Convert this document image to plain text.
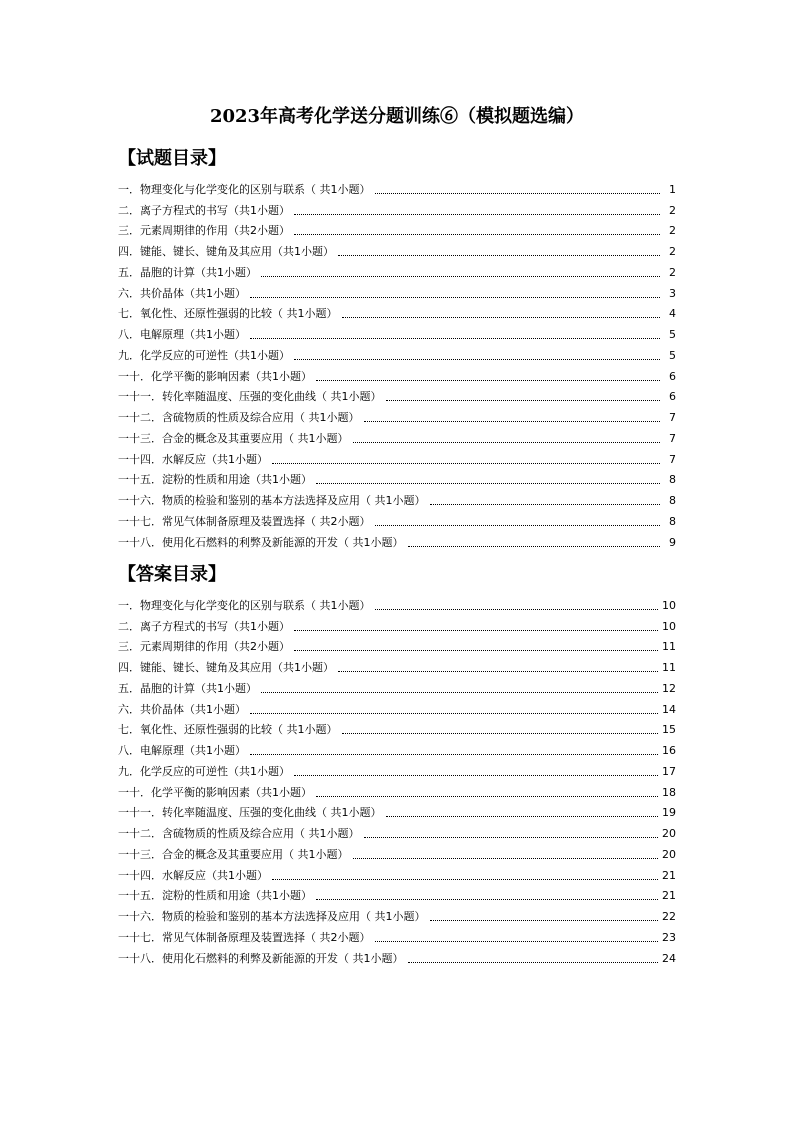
2023年高考化学送分题训练⑥（模拟题选编）
【试题目录】
一．物理变化与化学变化的区别与联系（ 共1小题）	1
二．离子方程式的书写（共1小题）	2
三．元素周期律的作用（共2小题）	2
四．键能、键长、键角及其应用（共1小题）	2
五．晶胞的计算（共1小题）	2
六．共价晶体（共1小题）	3
七．氧化性、还原性强弱的比较（ 共1小题）	4
八．电解原理（共1小题）	5
九．化学反应的可逆性（共1小题）	5
一十．化学平衡的影响因素（共1小题）	6
一十一．转化率随温度、压强的变化曲线（ 共1小题）	6
一十二．含硫物质的性质及综合应用（ 共1小题）	7
一十三．合金的概念及其重要应用（ 共1小题）	7
一十四．水解反应（共1小题）	7
一十五．淀粉的性质和用途（共1小题）	8
一十六．物质的检验和鉴别的基本方法选择及应用（ 共1小题）	8
一十七．常见气体制备原理及装置选择（ 共2小题）	8
一十八．使用化石燃料的利弊及新能源的开发（ 共1小题）	9
【答案目录】
一．物理变化与化学变化的区别与联系（ 共1小题）	10
二．离子方程式的书写（共1小题）	10
三．元素周期律的作用（共2小题）	11
四．键能、键长、键角及其应用（共1小题）	11
五．晶胞的计算（共1小题）	12
六．共价晶体（共1小题）	14
七．氧化性、还原性强弱的比较（ 共1小题）	15
八．电解原理（共1小题）	16
九．化学反应的可逆性（共1小题）	17
一十．化学平衡的影响因素（共1小题）	18
一十一．转化率随温度、压强的变化曲线（ 共1小题）	19
一十二．含硫物质的性质及综合应用（ 共1小题）	20
一十三．合金的概念及其重要应用（ 共1小题）	20
一十四．水解反应（共1小题）	21
一十五．淀粉的性质和用途（共1小题）	21
一十六．物质的检验和鉴别的基本方法选择及应用（ 共1小题）	22
一十七．常见气体制备原理及装置选择（ 共2小题）	23
一十八．使用化石燃料的利弊及新能源的开发（ 共1小题）	24
